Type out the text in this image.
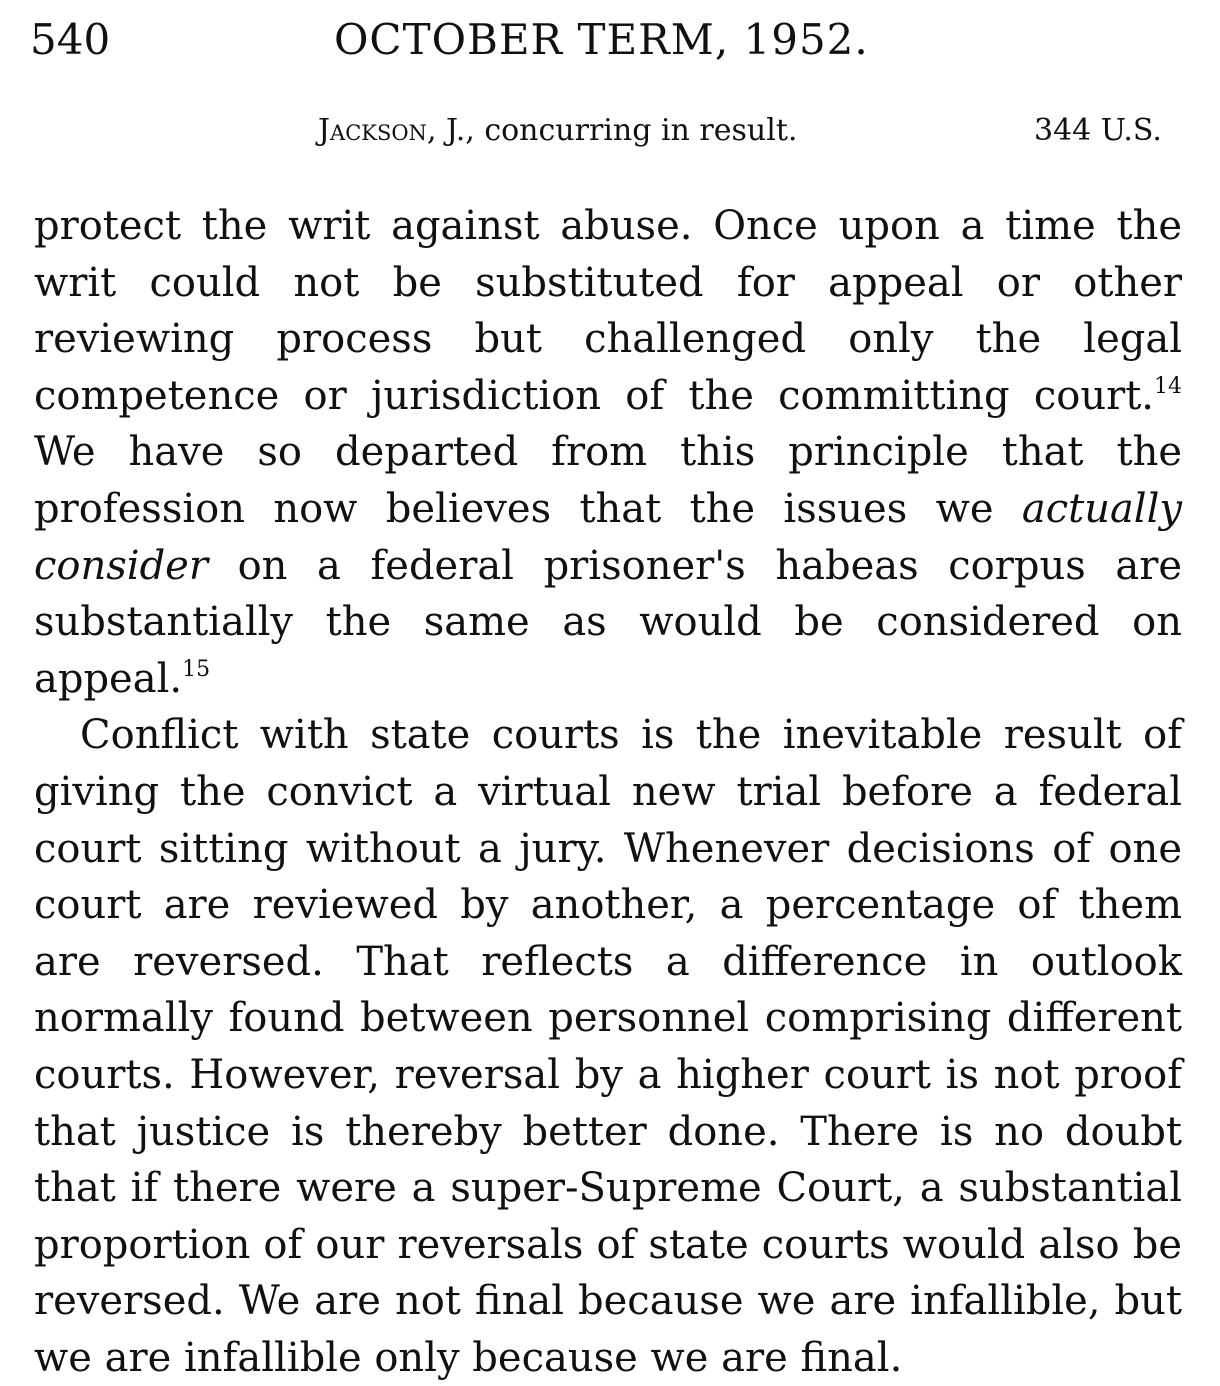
540	OCTOBER TERM, 1952.
Jackson, J., concurring in result.	344 U.S.

protect the writ against abuse. Once upon a time the writ could not be substituted for appeal or other reviewing process but challenged only the legal competence or jurisdiction of the committing court.$^{14}$ We have so departed from this principle that the profession now believes that the issues we actually consider on a federal prisoner's habeas corpus are substantially the same as would be considered on appeal.$^{15}$

Conflict with state courts is the inevitable result of giving the convict a virtual new trial before a federal court sitting without a jury. Whenever decisions of one court are reviewed by another, a percentage of them are reversed. That reflects a difference in outlook normally found between personnel comprising different courts. However, reversal by a higher court is not proof that justice is thereby better done. There is no doubt that if there were a super-Supreme Court, a substantial proportion of our reversals of state courts would also be reversed. We are not final because we are infallible, but we are infallible only because we are final.
